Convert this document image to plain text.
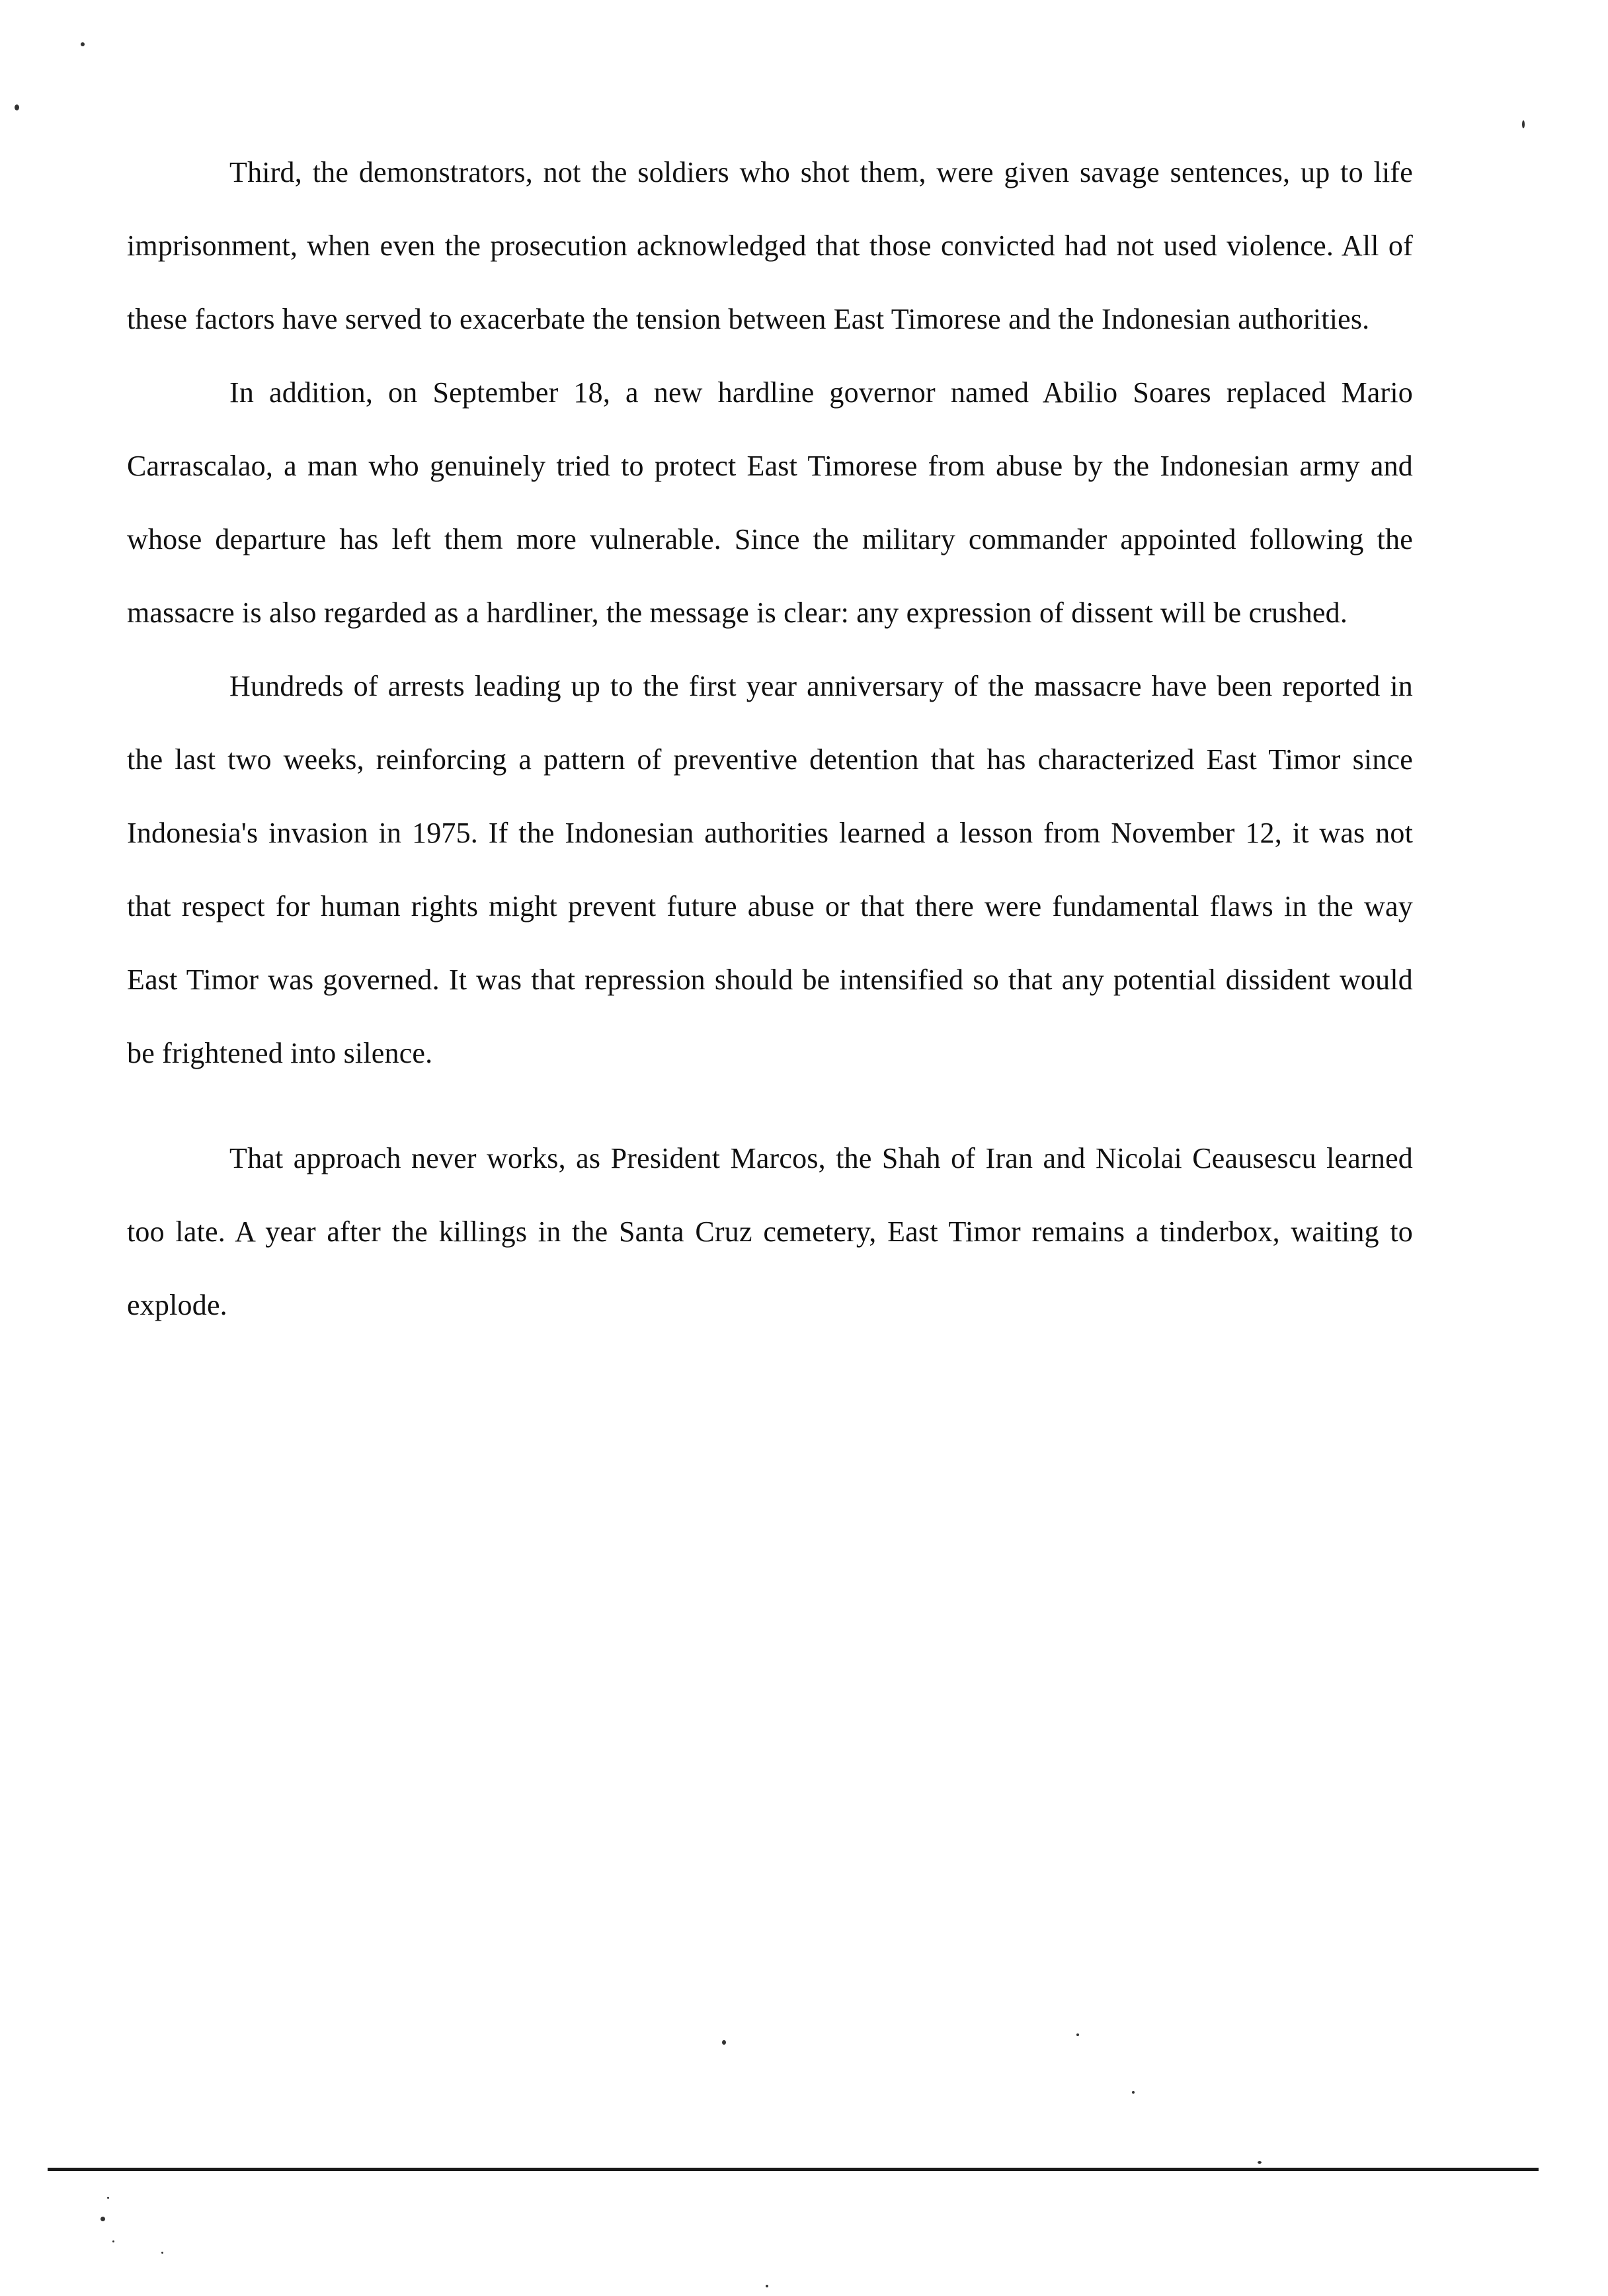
Third, the demonstrators, not the soldiers who shot them, were given savage sentences, up to life imprisonment, when even the prosecution acknowledged that those convicted had not used violence. All of these factors have served to exacerbate the tension between East Timorese and the Indonesian authorities.

In addition, on September 18, a new hardline governor named Abilio Soares replaced Mario Carrascalao, a man who genuinely tried to protect East Timorese from abuse by the Indonesian army and whose departure has left them more vulnerable. Since the military commander appointed following the massacre is also regarded as a hardliner, the message is clear: any expression of dissent will be crushed.

Hundreds of arrests leading up to the first year anniversary of the massacre have been reported in the last two weeks, reinforcing a pattern of preventive detention that has characterized East Timor since Indonesia's invasion in 1975. If the Indonesian authorities learned a lesson from November 12, it was not that respect for human rights might prevent future abuse or that there were fundamental flaws in the way East Timor was governed. It was that repression should be intensified so that any potential dissident would be frightened into silence.

That approach never works, as President Marcos, the Shah of Iran and Nicolai Ceausescu learned too late. A year after the killings in the Santa Cruz cemetery, East Timor remains a tinderbox, waiting to explode.
